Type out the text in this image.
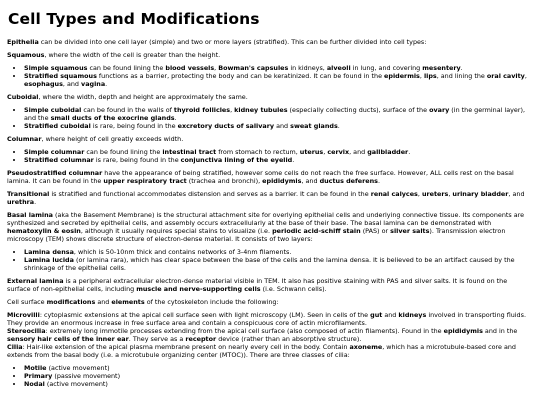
Cell Types and Modifications

Epithelia can be divided into one cell layer (simple) and two or more layers (stratified). This can be further divided into cell types:

Squamous, where the width of the cell is greater than the height.

• Simple squamous can be found lining the blood vessels, Bowman's capsules in kidneys, alveoli in lung, and covering mesentery.
• Stratified squamous functions as a barrier, protecting the body and can be keratinized. It can be found in the epidermis, lips, and lining the oral cavity, esophagus, and vagina.

Cuboidal, where the width, depth and height are approximately the same.

• Simple cuboidal can be found in the walls of thyroid follicles, kidney tubules (especially collecting ducts), surface of the ovary (in the germinal layer), and the small ducts of the exocrine glands.
• Stratified cuboidal is rare, being found in the excretory ducts of salivary and sweat glands.

Columnar, where height of cell greatly exceeds width.

• Simple columnar can be found lining the intestinal tract from stomach to rectum, uterus, cervix, and gallbladder.
• Stratified columnar is rare, being found in the conjunctiva lining of the eyelid.

Pseudostratified columnar have the appearance of being stratified, however some cells do not reach the free surface. However, ALL cells rest on the basal lamina. It can be found in the upper respiratory tract (trachea and bronchi), epididymis, and ductus deferens.

Transitional is stratified and functional accommodates distension and serves as a barrier. It can be found in the renal calyces, ureters, urinary bladder, and urethra.

Basal lamina (aka the Basement Membrane) is the structural attachment site for overlying epithelial cells and underlying connective tissue. Its components are synthesized and secreted by epithelial cells, and assembly occurs extracellularly at the base of their base. The basal lamina can be demonstrated with hematoxylin & eosin, although it usually requires special stains to visualize (i.e. periodic acid-schiff stain (PAS) or silver salts). Transmission electron microscopy (TEM) shows discrete structure of electron-dense material. It consists of two layers:

• Lamina densa, which is 50-10nm thick and contains networks of 3-4nm filaments.
• Lamina lucida (or lamina rara), which has clear space between the base of the cells and the lamina densa. It is believed to be an artifact caused by the shrinkage of the epithelial cells.

External lamina is a peripheral extracellular electron-dense material visible in TEM. It also has positive staining with PAS and silver salts. It is found on the surface of non-epithelial cells, including muscle and nerve-supporting cells (i.e. Schwann cells).

Cell surface modifications and elements of the cytoskeleton include the following:

Microvilli: cytoplasmic extensions at the apical cell surface seen with light microscopy (LM). Seen in cells of the gut and kidneys involved in transporting fluids. They provide an enormous increase in free surface area and contain a conspicuous core of actin microfilaments.
Stereocilia: extremely long immotile processes extending from the apical cell surface (also composed of actin filaments). Found in the epididymis and in the sensory hair cells of the inner ear. They serve as a receptor device (rather than an absorptive structure).
Cilia: Hair-like extension of the apical plasma membrane present on nearly every cell in the body. Contain axoneme, which has a microtubule-based core and extends from the basal body (i.e. a microtubule organizing center (MTOC)). There are three classes of cilia:

• Motile (active movement)
• Primary (passive movement)
• Nodal (active movement)
